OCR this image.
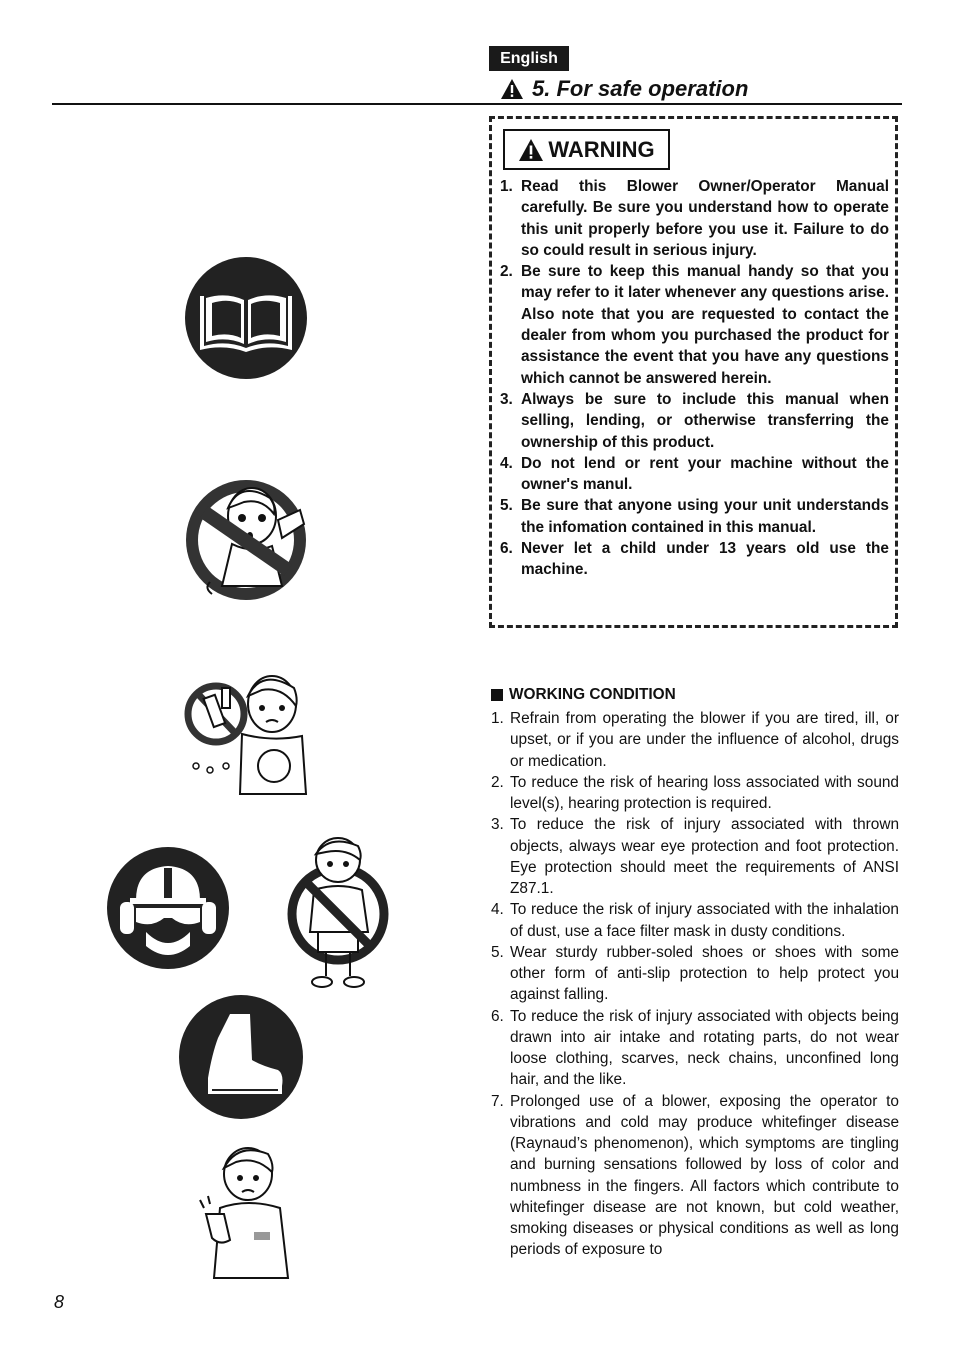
English
5. For safe operation
WARNING
1. Read this Blower Owner/Operator Manual carefully. Be sure you understand how to operate this unit properly before you use it. Failure to do so could result in serious injury.
2. Be sure to keep this manual handy so that you may refer to it later whenever any questions arise. Also note that you are requested to contact the dealer from whom you purchased the product for assistance the event that you have any questions which cannot be answered herein.
3. Always be sure to include this manual when selling, lending, or otherwise transferring the ownership of this product.
4. Do not lend or rent your machine without the owner's manul.
5. Be sure that anyone using your unit understands the infomation contained in this manual.
6. Never let a child under 13 years old use the machine.
WORKING CONDITION
1. Refrain from operating the blower if you are tired, ill, or upset, or if you are under the influence of alcohol, drugs or medication.
2. To reduce the risk of hearing loss associated with sound level(s), hearing protection is required.
3. To reduce the risk of injury associated with thrown objects, always wear eye protection and foot protection. Eye protection should meet the requirements of ANSI Z87.1.
4. To reduce the risk of injury associated with the inhalation of dust, use a face filter mask in dusty conditions.
5. Wear sturdy rubber-soled shoes or shoes with some other form of anti-slip protection to help protect you against falling.
6. To reduce the risk of injury associated with objects being drawn into air intake and rotating parts, do not wear loose clothing, scarves, neck chains, unconfined long hair, and the like.
7. Prolonged use of a blower, exposing the operator to vibrations and cold may produce whitefinger disease (Raynaud’s phenomenon), which symptoms are tingling and burning sensations followed by loss of color and numbness in the fingers. All factors which contribute to whitefinger disease are not known, but cold weather, smoking diseases or physical conditions as well as long periods of exposure to
8
